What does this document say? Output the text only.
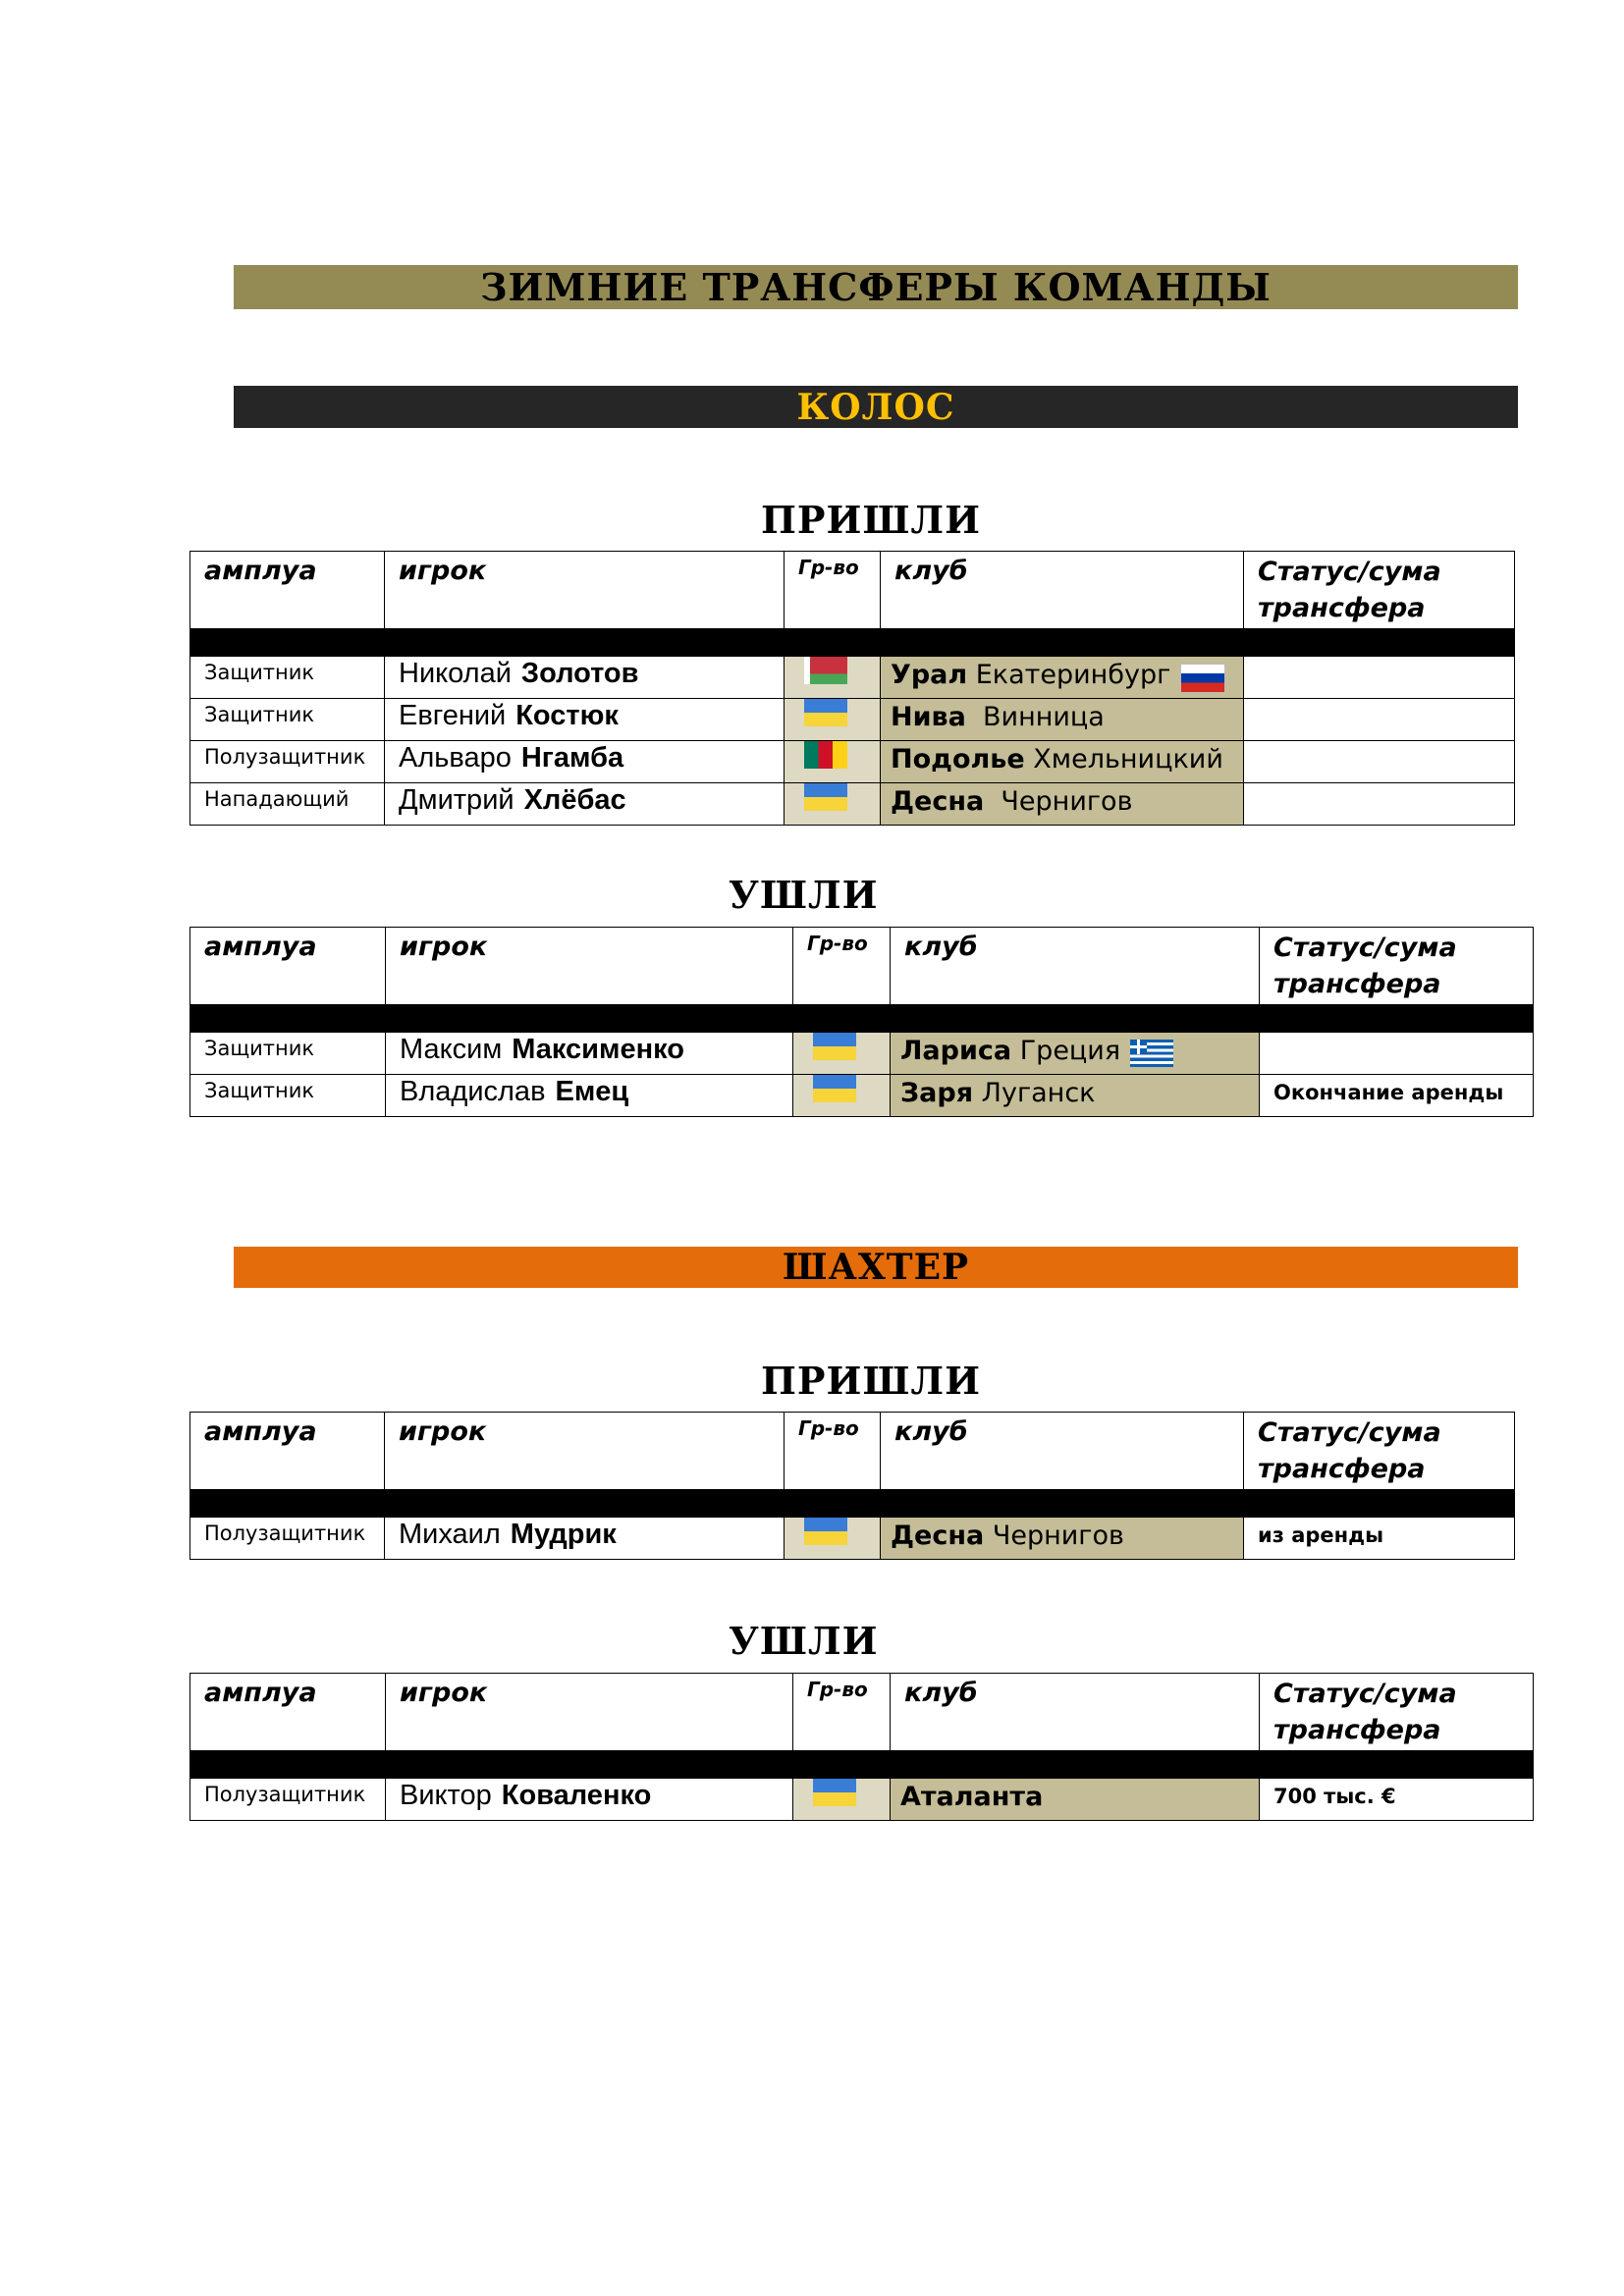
ЗИМНИЕ ТРАНСФЕРЫ КОМАНДЫ
КОЛОС
ПРИШЛИ
амплуа	игрок	Гр-во	клуб	Статус/сума трансфера

Защитник	Николай Золотов		Урал Екатеринбург	
Защитник	Евгений Костюк		Нива  Винница	
Полузащитник	Альваро Нгамба		Подолье Хмельницкий	
Нападающий	Дмитрий Хлёбас		Десна  Чернигов	
УШЛИ
амплуа	игрок	Гр-во	клуб	Статус/сума трансфера

Защитник	Максим Максименко		Лариса Греция	
Защитник	Владислав Емец		Заря Луганск	Окончание аренды
ШАХТЕР
ПРИШЛИ
амплуа	игрок	Гр-во	клуб	Статус/сума трансфера

Полузащитник	Михаил Мудрик		Десна Чернигов	из аренды
УШЛИ
амплуа	игрок	Гр-во	клуб	Статус/сума трансфера

Полузащитник	Виктор Коваленко		Аталанта	700 тыс. €
